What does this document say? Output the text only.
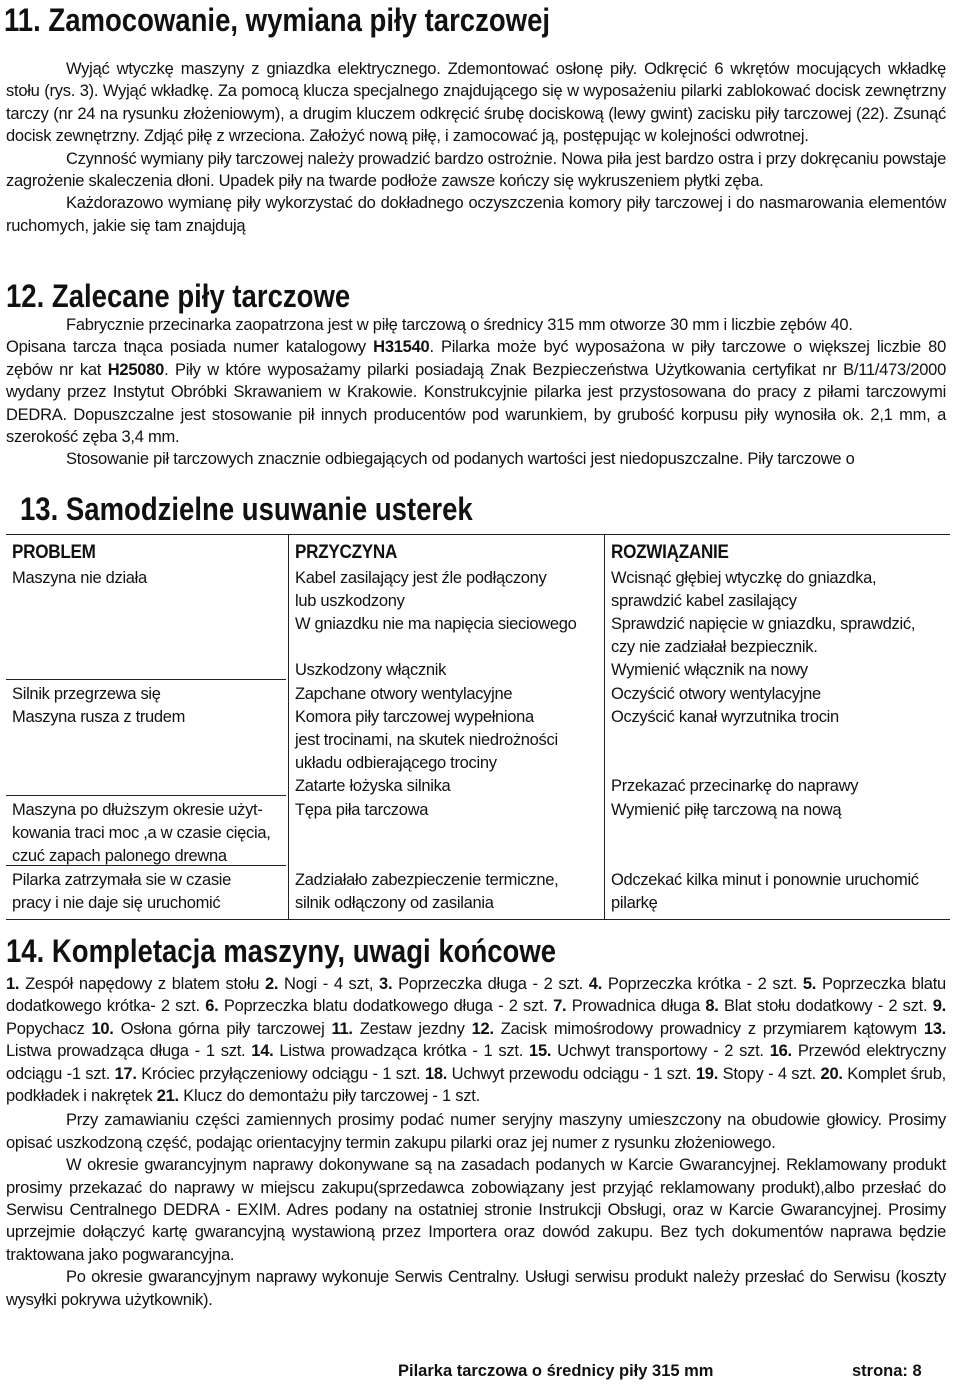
11. Zamocowanie, wymiana piły tarczowej

Wyjąć wtyczkę maszyny z gniazdka elektrycznego. Zdemontować osłonę piły. Odkręcić 6 wkrętów mocujących wkładkę stołu (rys. 3). Wyjąć wkładkę. Za pomocą klucza specjalnego znajdującego się w wyposażeniu pilarki zablokować docisk zewnętrzny tarczy (nr 24 na rysunku złożeniowym), a drugim kluczem odkręcić śrubę dociskową (lewy gwint) zacisku piły tarczowej (22). Zsunąć docisk zewnętrzny. Zdjąć piłę z wrzeciona. Założyć nową piłę, i zamocować ją, postępując w kolejności odwrotnej.

Czynność wymiany piły tarczowej należy prowadzić bardzo ostrożnie. Nowa piła jest bardzo ostra i przy dokręcaniu powstaje zagrożenie skaleczenia dłoni. Upadek piły na twarde podłoże zawsze kończy się wykruszeniem płytki zęba.

Każdorazowo wymianę piły wykorzystać do dokładnego oczyszczenia komory piły tarczowej i do nasmarowania elementów ruchomych, jakie się tam znajdują

12. Zalecane piły tarczowe

Fabrycznie przecinarka zaopatrzona jest w piłę tarczową o średnicy 315 mm otworze 30 mm i liczbie zębów 40.

Opisana tarcza tnąca posiada numer katalogowy H31540. Pilarka może być wyposażona w piły tarczowe o większej liczbie 80 zębów nr kat H25080. Piły w które wyposażamy pilarki posiadają Znak Bezpieczeństwa Użytkowania certyfikat nr B/11/473/2000 wydany przez Instytut Obróbki Skrawaniem w Krakowie. Konstrukcyjnie pilarka jest przystosowana do pracy z piłami tarczowymi DEDRA. Dopuszczalne jest stosowanie pił innych producentów pod warunkiem, by grubość korpusu piły wynosiła ok. 2,1 mm, a szerokość zęba 3,4 mm.

Stosowanie pił tarczowych znacznie odbiegających od podanych wartości jest niedopuszczalne. Piły tarczowe o

13. Samodzielne usuwanie usterek
PROBLEM
Maszyna nie działa
Silnik przegrzewa się
Maszyna rusza z trudem
Maszyna po dłuższym okresie użyt-
kowania traci moc ,a w czasie cięcia,
czuć zapach palonego drewna
Pilarka zatrzymała sie w czasie
pracy i nie daje się uruchomić
PRZYCZYNA
Kabel zasilający jest źle podłączony
lub uszkodzony
W gniazdku nie ma napięcia sieciowego
Uszkodzony włącznik
Zapchane otwory wentylacyjne
Komora piły tarczowej wypełniona
jest trocinami, na skutek niedrożności
układu odbierającego trociny
Zatarte łożyska silnika
Tępa piła tarczowa
Zadziałało zabezpieczenie termiczne,
silnik odłączony od zasilania
ROZWIĄZANIE
Wcisnąć głębiej wtyczkę do gniazdka,
sprawdzić kabel zasilający
Sprawdzić napięcie w gniazdku, sprawdzić,
czy nie zadziałał bezpiecznik.
Wymienić włącznik na nowy
Oczyścić otwory wentylacyjne
Oczyścić kanał wyrzutnika trocin
Przekazać przecinarkę do naprawy
Wymienić piłę tarczową na nową
Odczekać kilka minut i ponownie uruchomić
pilarkę
14. Kompletacja maszyny, uwagi końcowe

1. Zespół napędowy z blatem stołu 2. Nogi - 4 szt, 3. Poprzeczka długa - 2 szt. 4. Poprzeczka krótka - 2 szt. 5. Poprzeczka blatu dodatkowego krótka- 2 szt. 6. Poprzeczka blatu dodatkowego długa - 2 szt. 7. Prowadnica długa 8. Blat stołu dodatkowy - 2 szt. 9. Popychacz 10. Osłona górna piły tarczowej 11. Zestaw jezdny 12. Zacisk mimośrodowy prowadnicy z przymiarem kątowym 13. Listwa prowadząca długa - 1 szt. 14. Listwa prowadząca krótka - 1 szt. 15. Uchwyt transportowy - 2 szt. 16. Przewód elektryczny odciągu -1 szt. 17. Króciec przyłączeniowy odciągu - 1 szt. 18. Uchwyt przewodu odciągu - 1 szt. 19. Stopy - 4 szt. 20. Komplet śrub, podkładek i nakrętek 21. Klucz do demontażu piły tarczowej - 1 szt.

Przy zamawianiu części zamiennych prosimy podać numer seryjny maszyny umieszczony na obudowie głowicy. Prosimy opisać uszkodzoną część, podając orientacyjny termin zakupu pilarki oraz jej numer z rysunku złożeniowego.

W okresie gwarancyjnym naprawy dokonywane są na zasadach podanych w Karcie Gwarancyjnej. Reklamowany produkt prosimy przekazać do naprawy w miejscu zakupu(sprzedawca zobowiązany jest przyjąć reklamowany produkt),albo przesłać do Serwisu Centralnego DEDRA - EXIM. Adres podany na ostatniej stronie Instrukcji Obsługi, oraz w Karcie Gwarancyjnej. Prosimy uprzejmie dołączyć kartę gwarancyjną wystawioną przez Importera oraz dowód zakupu. Bez tych dokumentów naprawa będzie traktowana jako pogwarancyjna.

Po okresie gwarancyjnym naprawy wykonuje Serwis Centralny. Usługi serwisu produkt należy przesłać do Serwisu (koszty wysyłki pokrywa użytkownik).

Pilarka tarczowa o średnicy piły 315 mm	strona: 8
